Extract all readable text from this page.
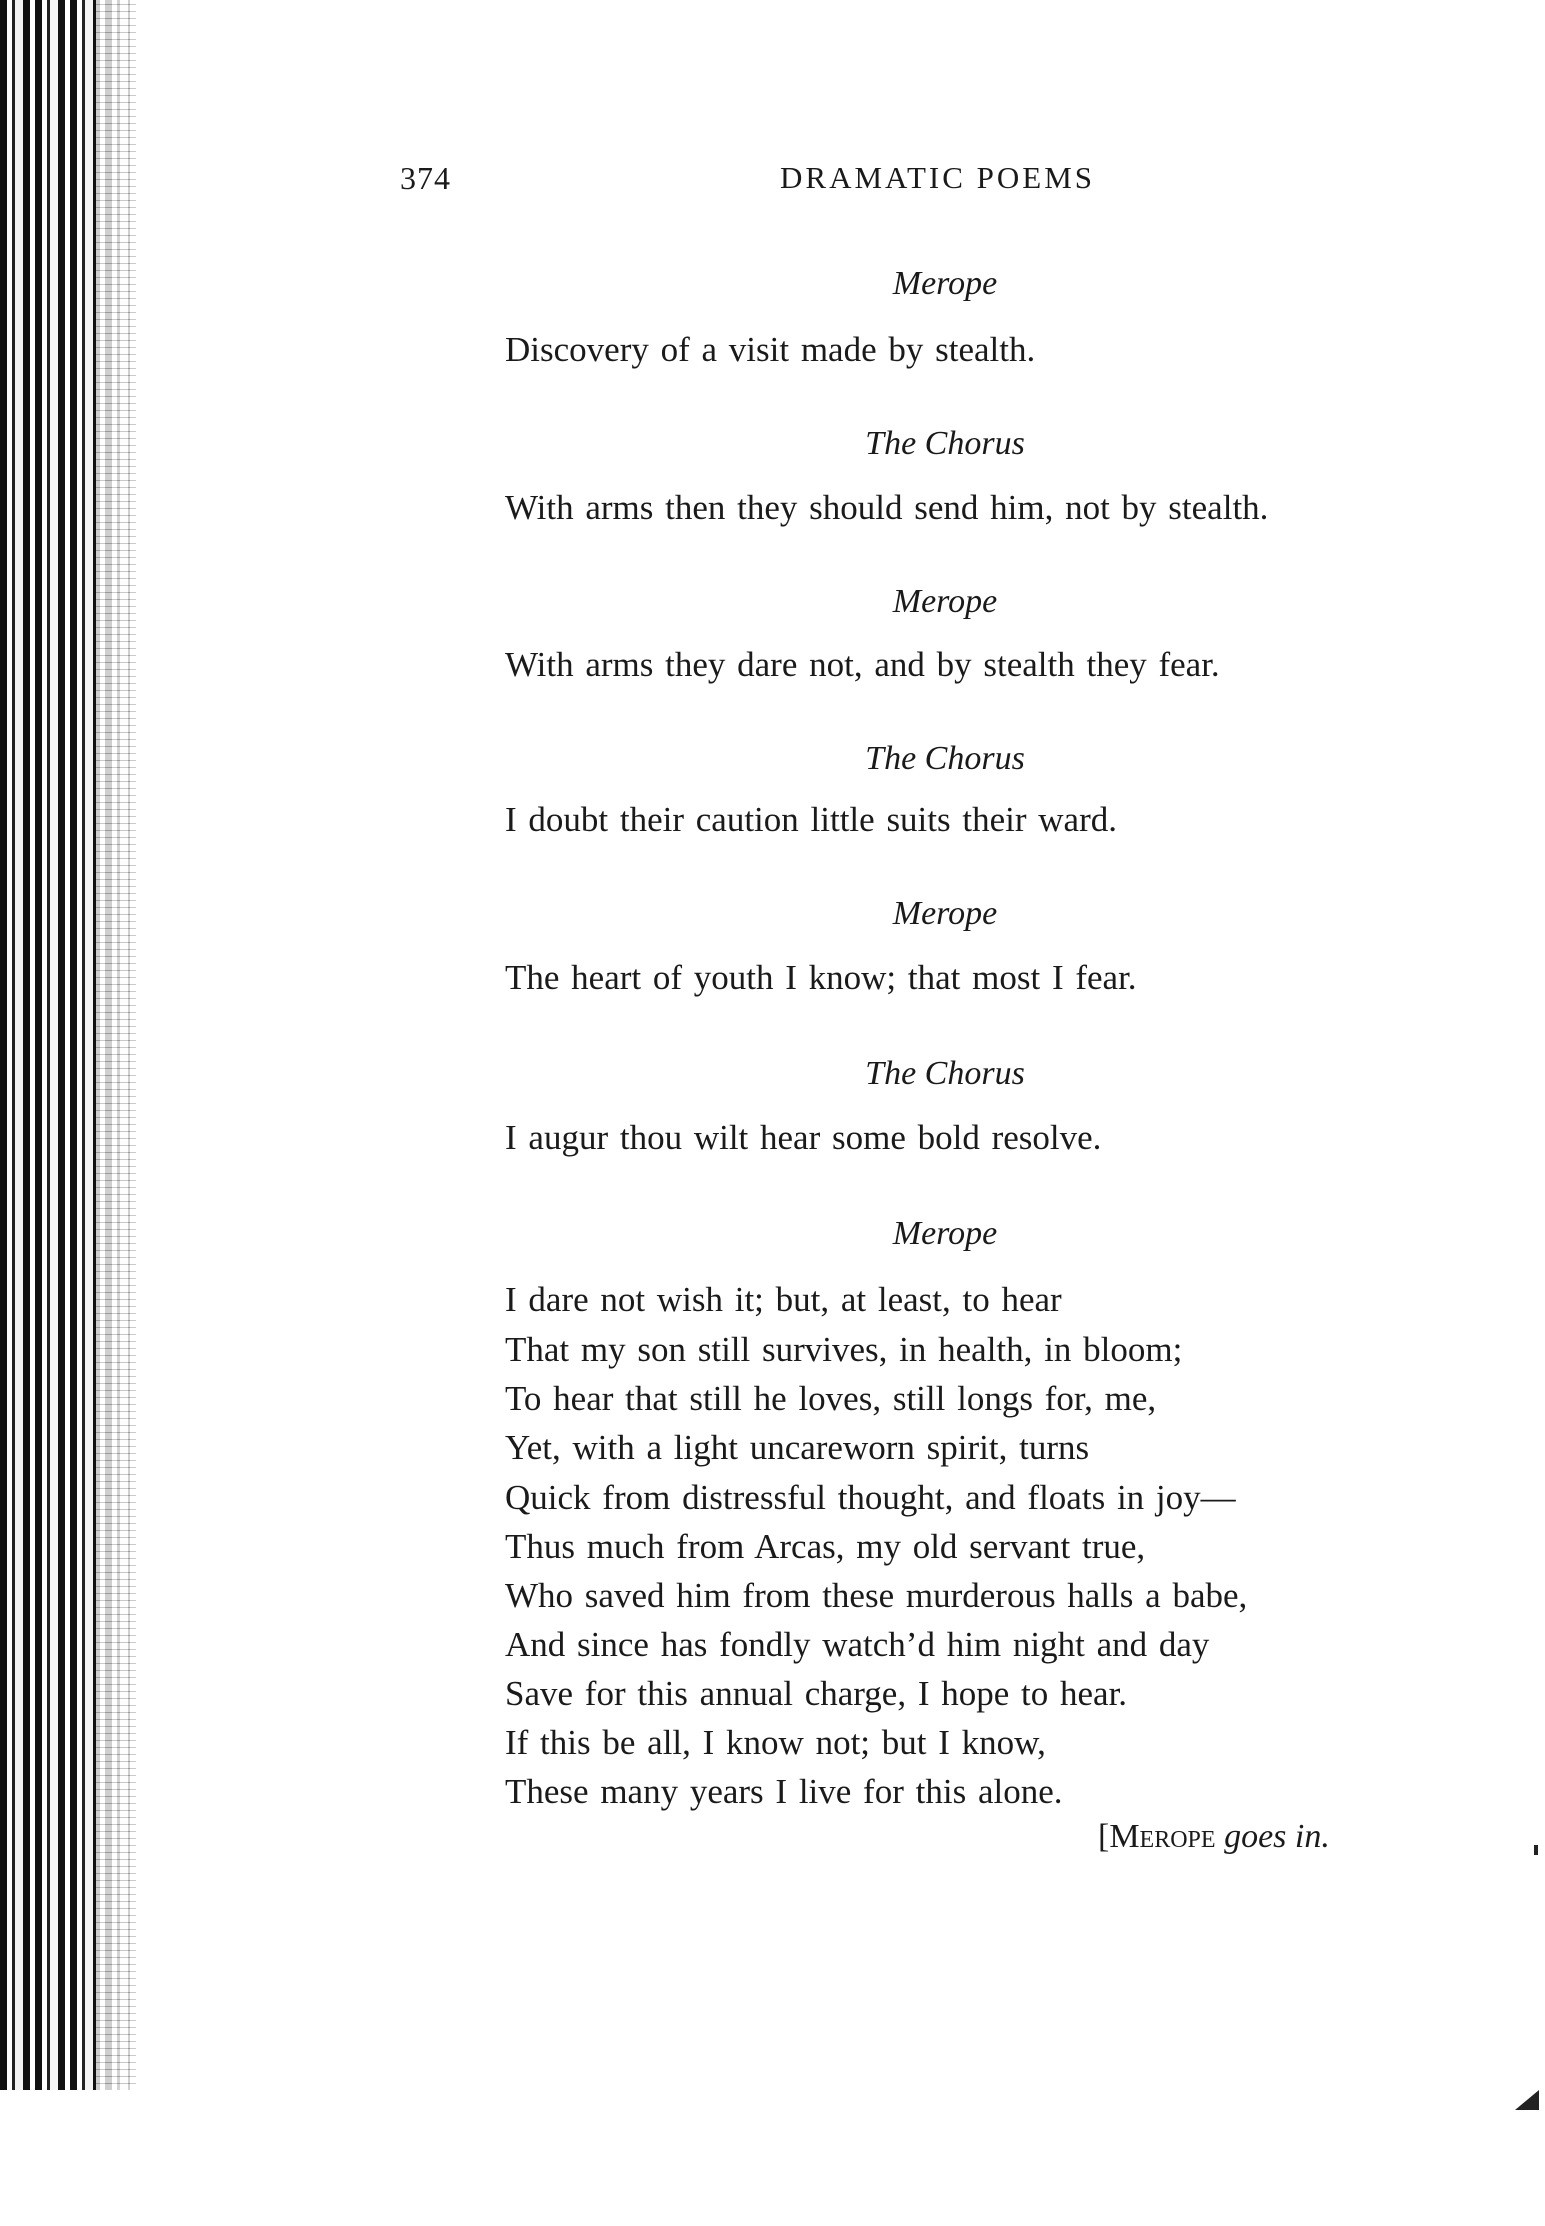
374	DRAMATIC POEMS
Merope
Discovery of a visit made by stealth.
The Chorus
With arms then they should send him, not by stealth.
Merope
With arms they dare not, and by stealth they fear.
The Chorus
I doubt their caution little suits their ward.
Merope
The heart of youth I know; that most I fear.
The Chorus
I augur thou wilt hear some bold resolve.
Merope
I dare not wish it; but, at least, to hear
That my son still survives, in health, in bloom;
To hear that still he loves, still longs for, me,
Yet, with a light uncareworn spirit, turns
Quick from distressful thought, and floats in joy—
Thus much from Arcas, my old servant true,
Who saved him from these murderous halls a babe,
And since has fondly watch’d him night and day
Save for this annual charge, I hope to hear.
If this be all, I know not; but I know,
These many years I live for this alone.
[Merope goes in.
